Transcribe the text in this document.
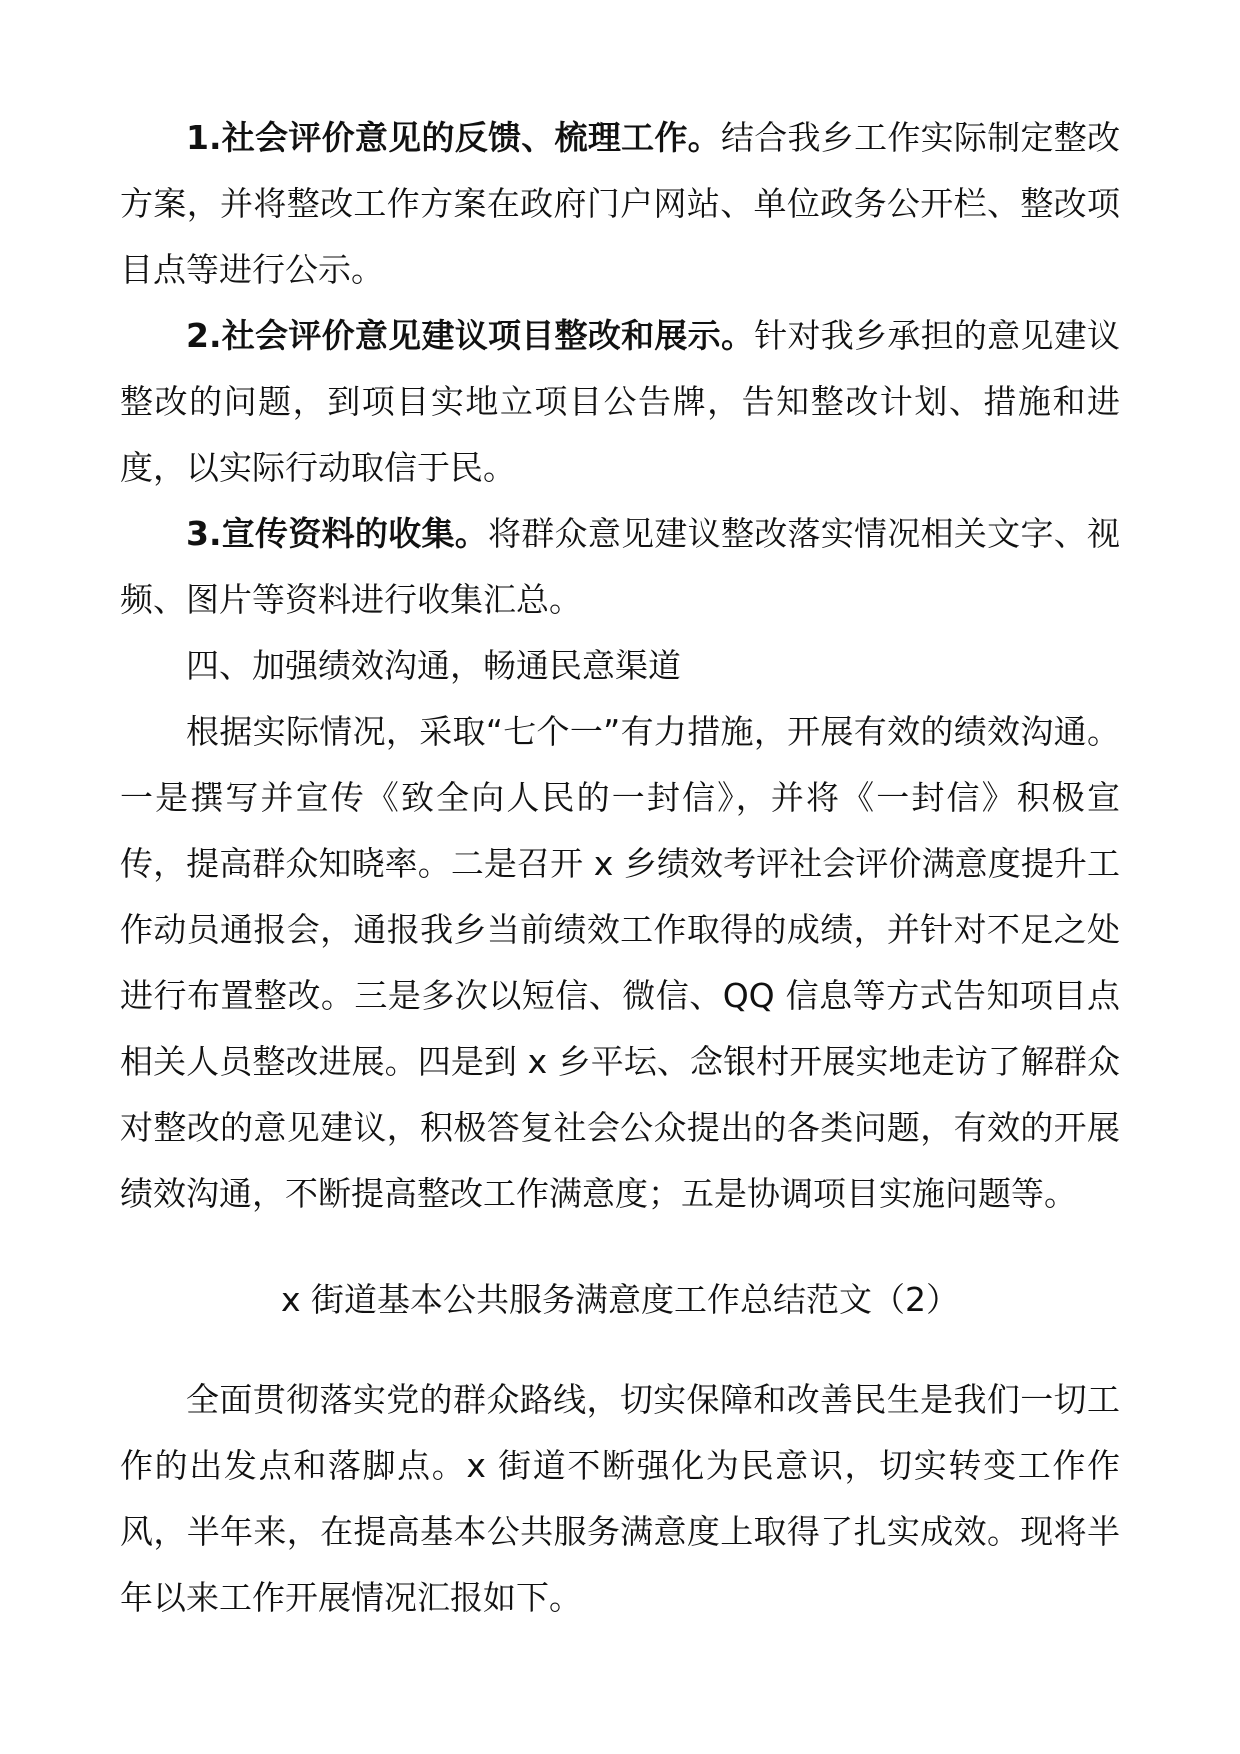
1.社会评价意见的反馈、梳理工作。结合我乡工作实际制定整改方案，并将整改工作方案在政府门户网站、单位政务公开栏、整改项目点等进行公示。

2.社会评价意见建议项目整改和展示。针对我乡承担的意见建议整改的问题，到项目实地立项目公告牌，告知整改计划、措施和进度，以实际行动取信于民。

3.宣传资料的收集。将群众意见建议整改落实情况相关文字、视频、图片等资料进行收集汇总。

四、加强绩效沟通，畅通民意渠道

根据实际情况，采取“七个一”有力措施，开展有效的绩效沟通。一是撰写并宣传《致全向人民的一封信》，并将《一封信》积极宣传，提高群众知晓率。二是召开 x 乡绩效考评社会评价满意度提升工作动员通报会，通报我乡当前绩效工作取得的成绩，并针对不足之处进行布置整改。三是多次以短信、微信、QQ 信息等方式告知项目点相关人员整改进展。四是到 x 乡平坛、念银村开展实地走访了解群众对整改的意见建议，积极答复社会公众提出的各类问题，有效的开展绩效沟通，不断提高整改工作满意度；五是协调项目实施问题等。

x 街道基本公共服务满意度工作总结范文（2）

全面贯彻落实党的群众路线，切实保障和改善民生是我们一切工作的出发点和落脚点。x 街道不断强化为民意识，切实转变工作作风，半年来，在提高基本公共服务满意度上取得了扎实成效。现将半年以来工作开展情况汇报如下。
